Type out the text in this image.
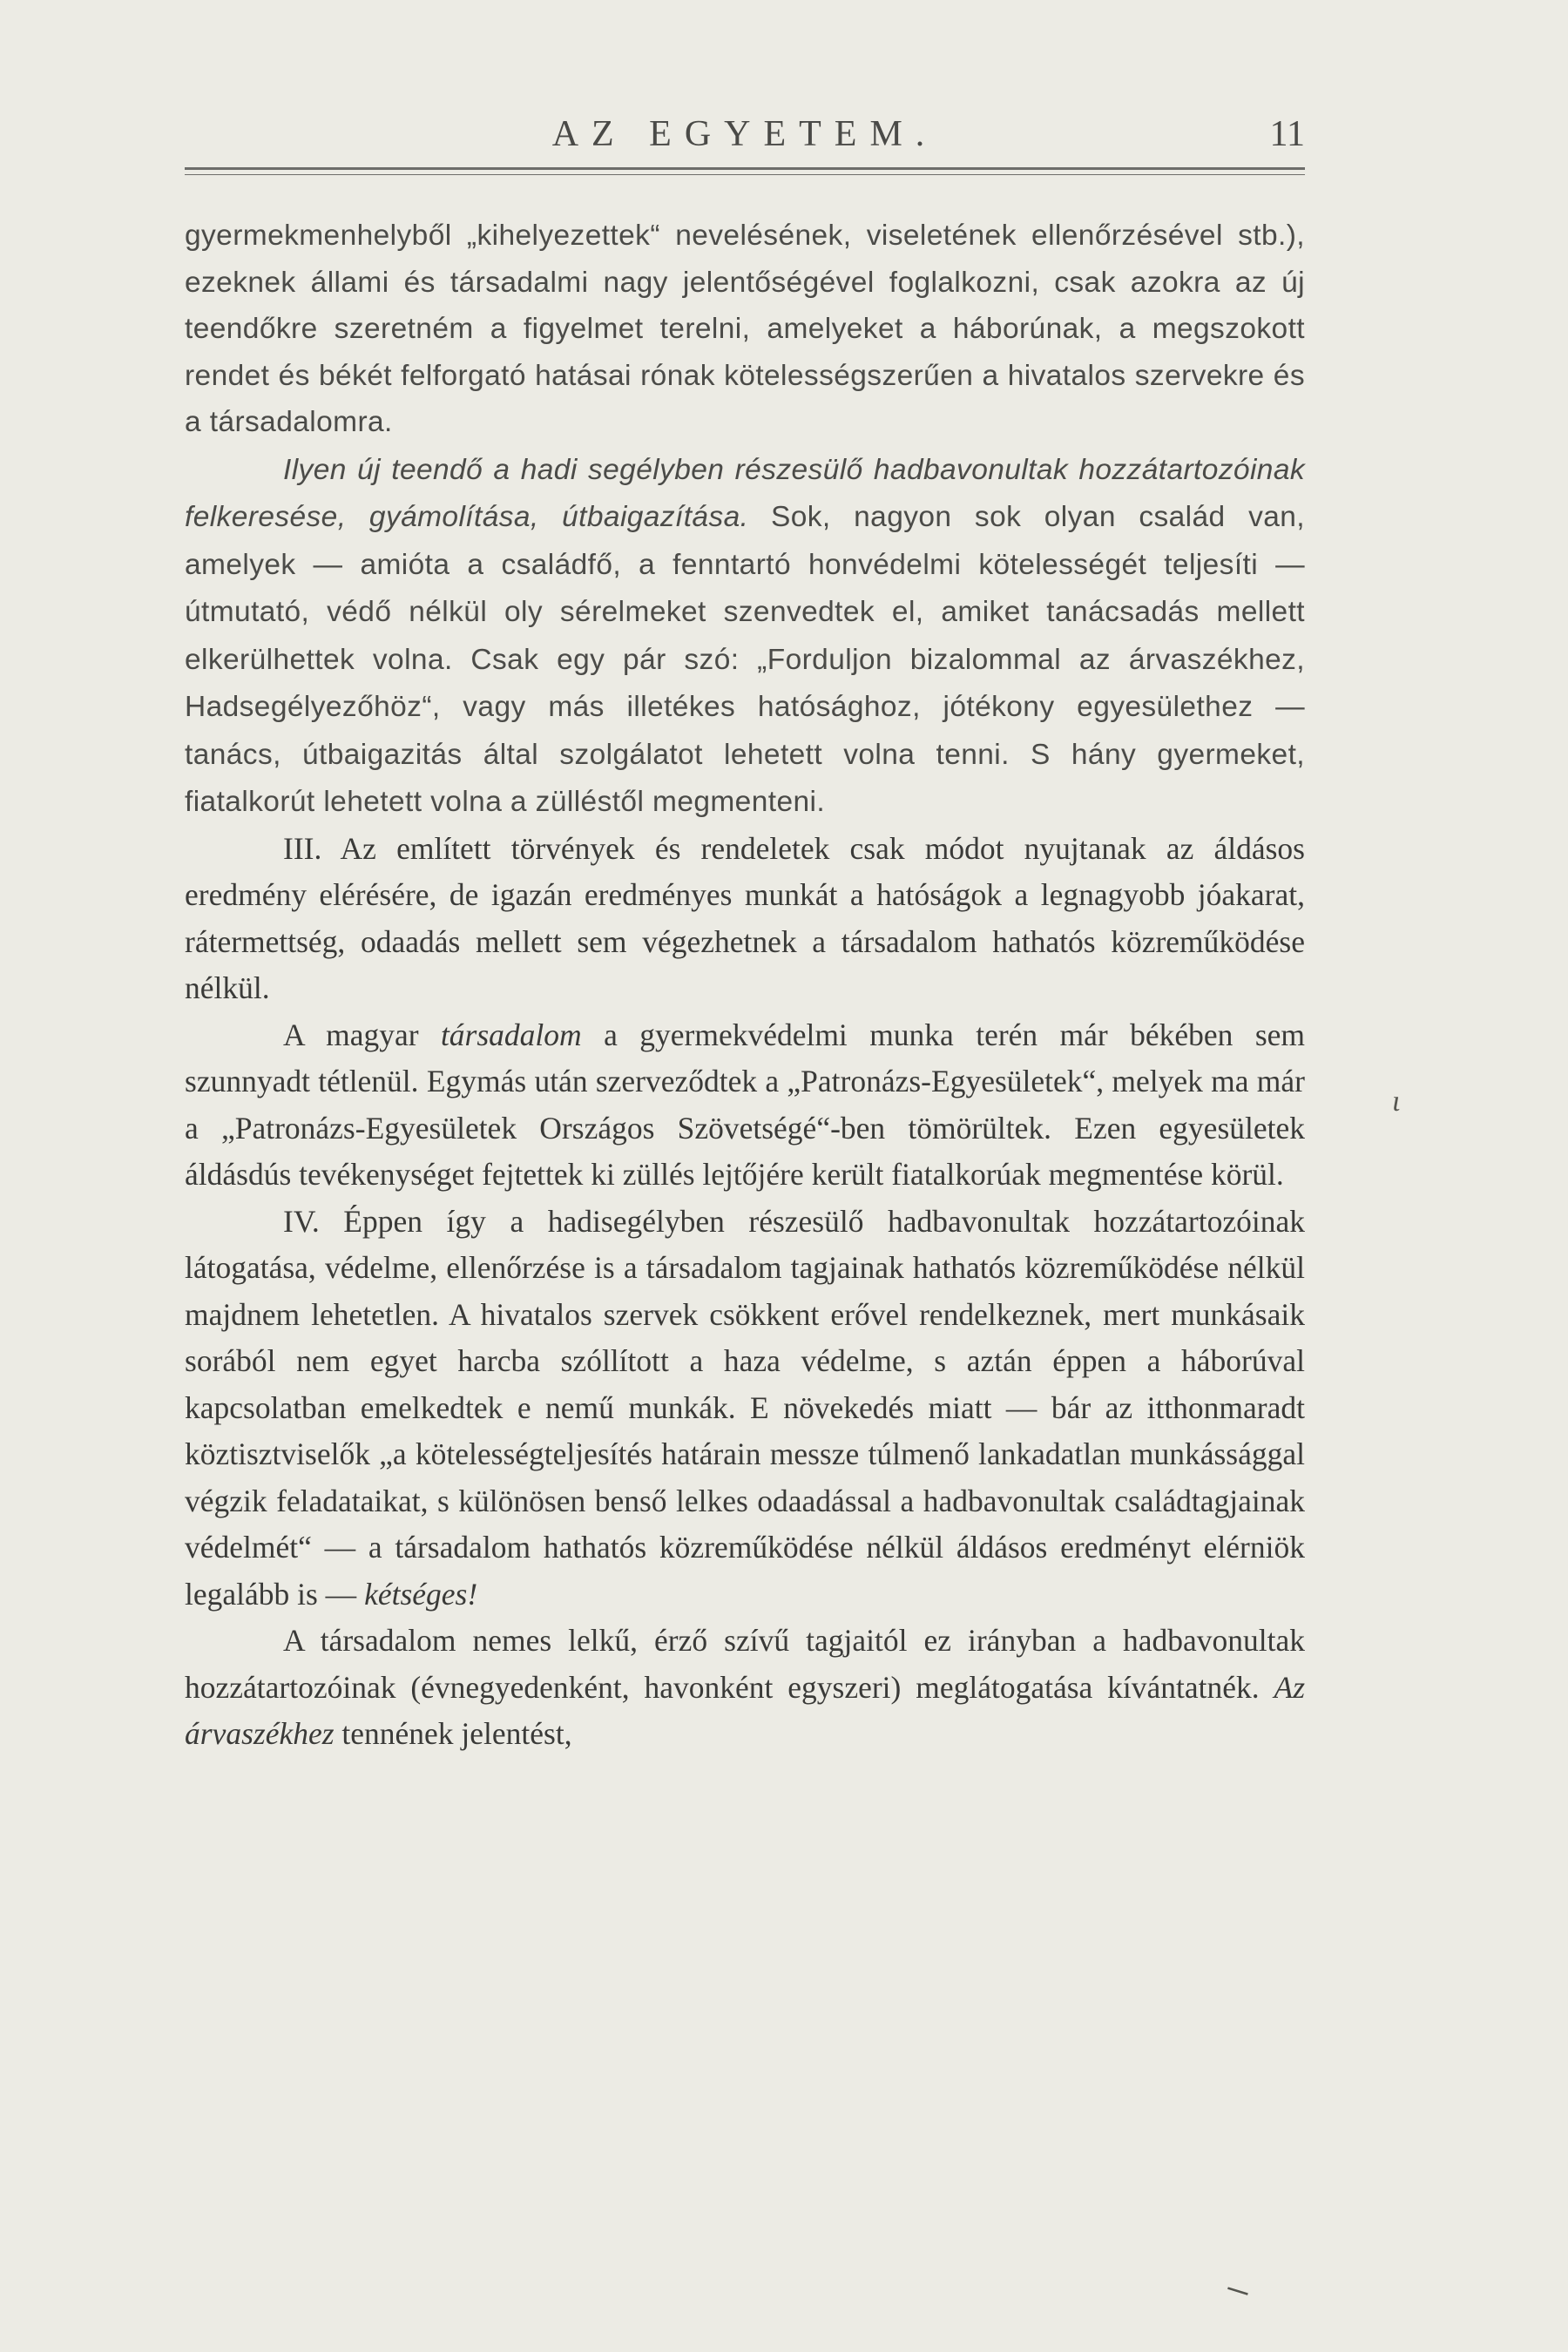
AZ EGYETEM.	11

gyermekmenhelyből „kihelyezettek“ nevelésének, viseletének ellenőrzésével stb.), ezeknek állami és társadalmi nagy jelentőségével foglalkozni, csak azokra az új teendőkre szeretném a figyelmet terelni, amelyeket a háborúnak, a megszokott rendet és békét felforgató hatásai rónak kötelességszerűen a hivatalos szervekre és a társadalomra.

Ilyen új teendő a hadi segélyben részesülő hadbavonultak hozzátartozóinak felkeresése, gyámolítása, útbaigazítása. Sok, nagyon sok olyan család van, amelyek — amióta a családfő, a fenntartó honvédelmi kötelességét teljesíti — útmutató, védő nélkül oly sérelmeket szenvedtek el, amiket tanácsadás mellett elkerülhettek volna. Csak egy pár szó: „Forduljon bizalommal az árvaszékhez, Hadsegélyezőhöz“, vagy más illetékes hatósághoz, jótékony egyesülethez — tanács, útbaigazitás által szolgálatot lehetett volna tenni. S hány gyermeket, fiatalkorút lehetett volna a zülléstől megmenteni.

III. Az említett törvények és rendeletek csak módot nyujtanak az áldásos eredmény elérésére, de igazán eredményes munkát a hatóságok a legnagyobb jóakarat, rátermettség, odaadás mellett sem végezhetnek a társadalom hathatós közreműködése nélkül.

A magyar társadalom a gyermekvédelmi munka terén már békében sem szunnyadt tétlenül. Egymás után szerveződtek a „Patronázs-Egyesületek“, melyek ma már a „Patronázs-Egyesületek Országos Szövetségé“-ben tömörültek. Ezen egyesületek áldásdús tevékenységet fejtettek ki züllés lejtőjére került fiatalkorúak megmentése körül.

IV. Éppen így a hadisegélyben részesülő hadbavonultak hozzátartozóinak látogatása, védelme, ellenőrzése is a társadalom tagjainak hathatós közreműködése nélkül majdnem lehetetlen. A hivatalos szervek csökkent erővel rendelkeznek, mert munkásaik sorából nem egyet harcba szóllított a haza védelme, s aztán éppen a háborúval kapcsolatban emelkedtek e nemű munkák. E növekedés miatt — bár az itthonmaradt köztisztviselők „a kötelességteljesítés határain messze túlmenő lankadatlan munkássággal végzik feladataikat, s különösen benső lelkes odaadással a hadbavonultak családtagjainak védelmét“ — a társadalom hathatós közreműködése nélkül áldásos eredményt elérniök legalább is — kétséges!

A társadalom nemes lelkű, érző szívű tagjaitól ez irányban a hadbavonultak hozzátartozóinak (évnegyedenként, havonként egyszeri) meglátogatása kívántatnék. Az árvaszékhez tennének jelentést,

ɩ
⸜
